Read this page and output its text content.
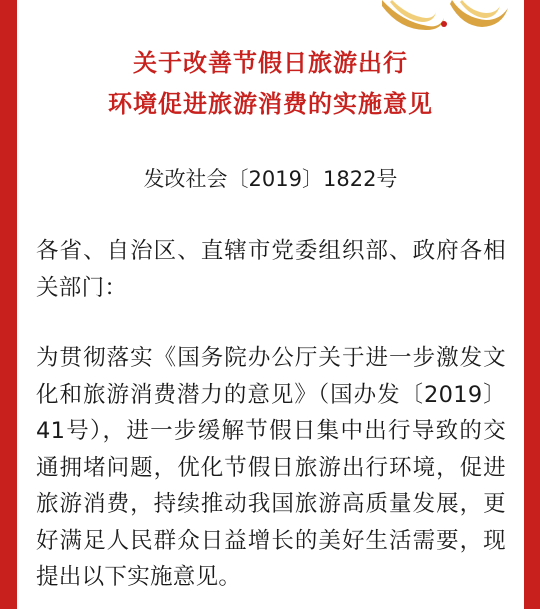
关于改善节假日旅游出行
环境促进旅游消费的实施意见
发改社会〔2019〕1822号
各省、自治区、直辖市党委组织部、政府各相关部门：
为贯彻落实《国务院办公厅关于进一步激发文化和旅游消费潜力的意见》（国办发〔2019〕41号），进一步缓解节假日集中出行导致的交通拥堵问题，优化节假日旅游出行环境，促进旅游消费，持续推动我国旅游高质量发展，更好满足人民群众日益增长的美好生活需要，现提出以下实施意见。
